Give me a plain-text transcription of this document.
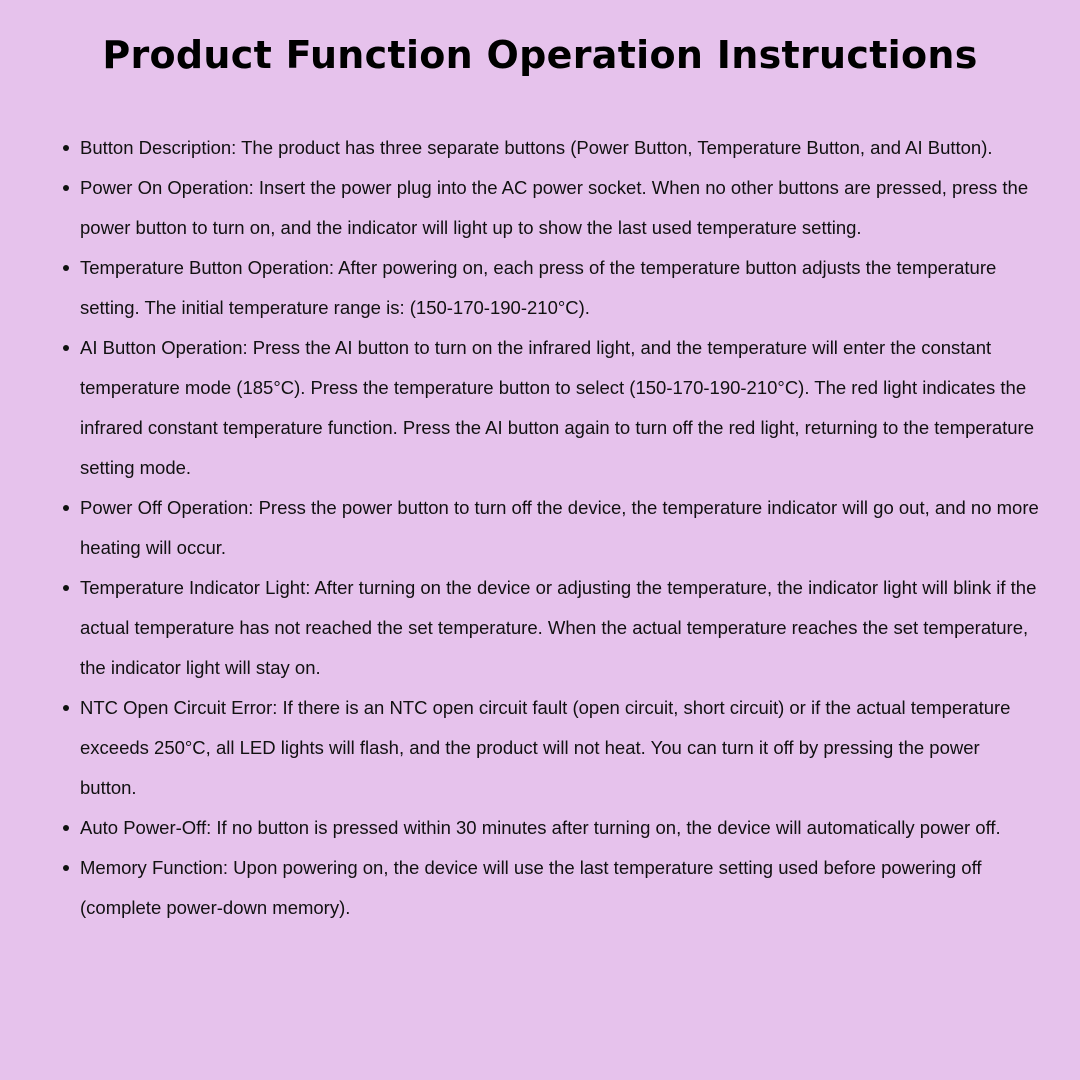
Product Function Operation Instructions
Button Description: The product has three separate buttons (Power Button, Temperature Button, and AI Button).
Power On Operation: Insert the power plug into the AC power socket. When no other buttons are pressed, press the power button to turn on, and the indicator will light up to show the last used temperature setting.
Temperature Button Operation: After powering on, each press of the temperature button adjusts the temperature setting. The initial temperature range is: (150-170-190-210°C).
AI Button Operation: Press the AI button to turn on the infrared light, and the temperature will enter the constant temperature mode (185°C). Press the temperature button to select (150-170-190-210°C). The red light indicates the infrared constant temperature function. Press the AI button again to turn off the red light, returning to the temperature setting mode.
Power Off Operation: Press the power button to turn off the device, the temperature indicator will go out, and no more heating will occur.
Temperature Indicator Light: After turning on the device or adjusting the temperature, the indicator light will blink if the actual temperature has not reached the set temperature. When the actual temperature reaches the set temperature, the indicator light will stay on.
NTC Open Circuit Error: If there is an NTC open circuit fault (open circuit, short circuit) or if the actual temperature exceeds 250°C, all LED lights will flash, and the product will not heat. You can turn it off by pressing the power button.
Auto Power-Off: If no button is pressed within 30 minutes after turning on, the device will automatically power off.
Memory Function: Upon powering on, the device will use the last temperature setting used before powering off (complete power-down memory).
